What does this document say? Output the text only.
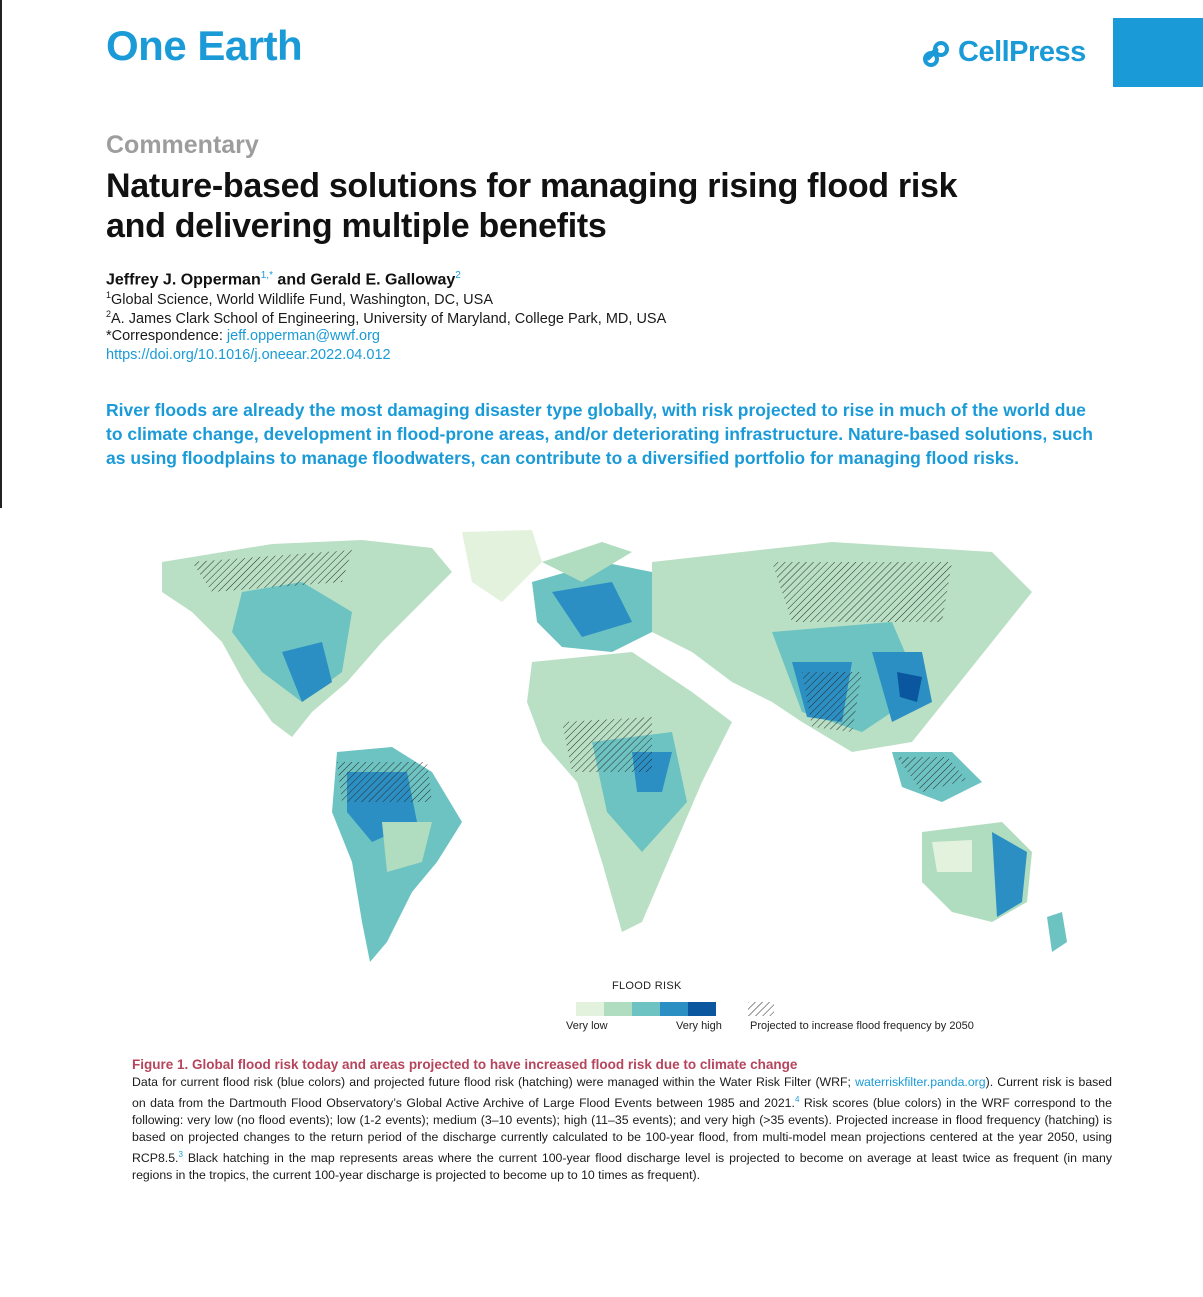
One Earth	CellPress
Commentary
Nature-based solutions for managing rising flood risk and delivering multiple benefits
Jeffrey J. Opperman$^{1,*}$ and Gerald E. Galloway$^2$
$^1$Global Science, World Wildlife Fund, Washington, DC, USA
$^2$A. James Clark School of Engineering, University of Maryland, College Park, MD, USA
*Correspondence: jeff.opperman@wwf.org
https://doi.org/10.1016/j.oneear.2022.04.012
River floods are already the most damaging disaster type globally, with risk projected to rise in much of the world due to climate change, development in flood-prone areas, and/or deteriorating infrastructure. Nature-based solutions, such as using floodplains to manage floodwaters, can contribute to a diversified portfolio for managing flood risks.
FLOOD RISK
Very low	Very high	Projected to increase flood frequency by 2050
Figure 1. Global flood risk today and areas projected to have increased flood risk due to climate change
Data for current flood risk (blue colors) and projected future flood risk (hatching) were managed within the Water Risk Filter (WRF; waterriskfilter.panda.org). Current risk is based on data from the Dartmouth Flood Observatory’s Global Active Archive of Large Flood Events between 1985 and 2021.$^4$ Risk scores (blue colors) in the WRF correspond to the following: very low (no flood events); low (1-2 events); medium (3–10 events); high (11–35 events); and very high (>35 events). Projected increase in flood frequency (hatching) is based on projected changes to the return period of the discharge currently calculated to be 100-year flood, from multi-model mean projections centered at the year 2050, using RCP8.5.$^3$ Black hatching in the map represents areas where the current 100-year flood discharge level is projected to become on average at least twice as frequent (in many regions in the tropics, the current 100-year discharge is projected to become up to 10 times as frequent).
